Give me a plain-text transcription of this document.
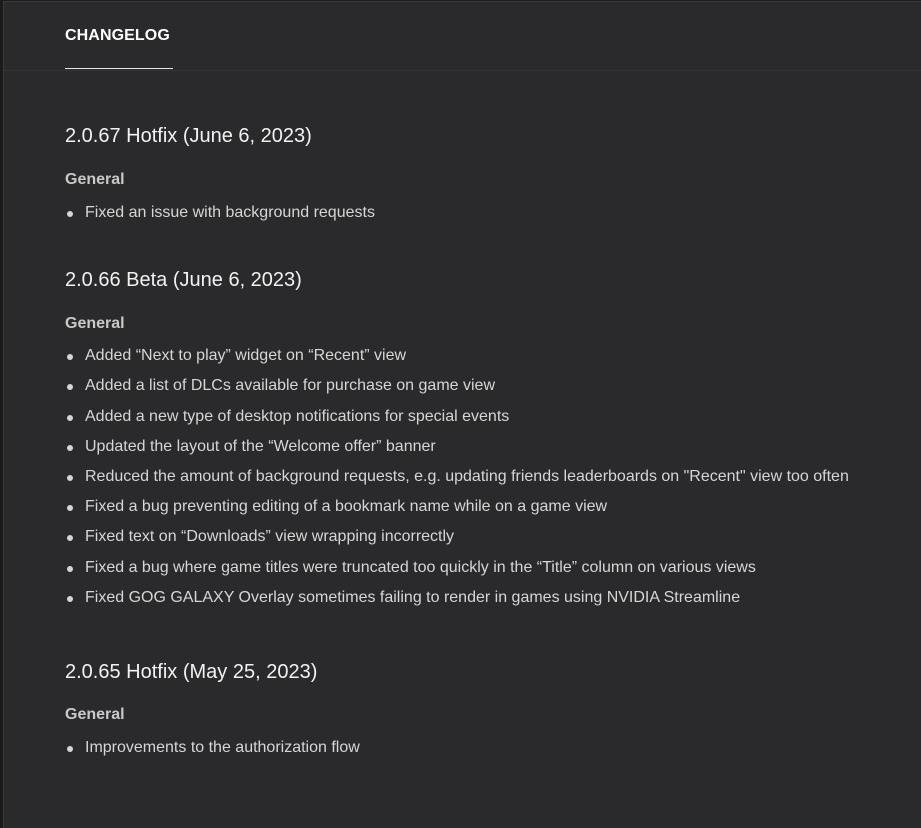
CHANGELOG
2.0.67 Hotfix (June 6, 2023)
General
Fixed an issue with background requests
2.0.66 Beta (June 6, 2023)
General
Added “Next to play” widget on “Recent” view
Added a list of DLCs available for purchase on game view
Added a new type of desktop notifications for special events
Updated the layout of the “Welcome offer” banner
Reduced the amount of background requests, e.g. updating friends leaderboards on "Recent" view too often
Fixed a bug preventing editing of a bookmark name while on a game view
Fixed text on “Downloads” view wrapping incorrectly
Fixed a bug where game titles were truncated too quickly in the “Title” column on various views
Fixed GOG GALAXY Overlay sometimes failing to render in games using NVIDIA Streamline
2.0.65 Hotfix (May 25, 2023)
General
Improvements to the authorization flow
